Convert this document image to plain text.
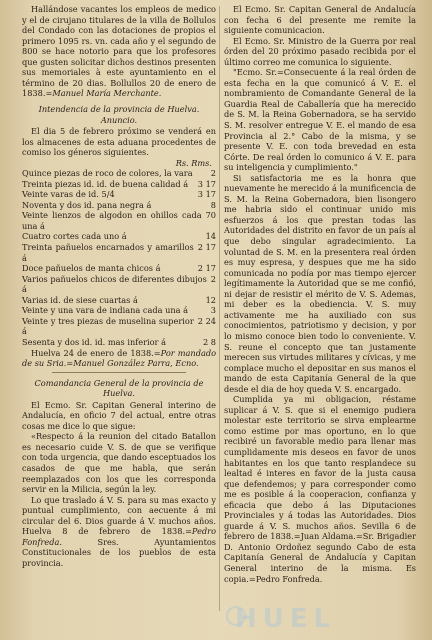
Hallándose vacantes los empleos de medico y el de cirujano titulares de la villa de Bollulos del Condado con las dotaciones de propios el primero 1095 rs. vn. cada año y el segundo de 800 se hace notorio para que los profesores que gusten solicitar dichos destinos presenten sus memoriales à este ayuntamiento en el término de 20 dias. Bollullos 20 de enero de 1838.=Manuel María Merchante.

Intendencia de la provincia de Huelva.
Anuncio.

El dia 5 de febrero próximo se venderá en los almacenes de esta aduana procedentes de comiso los géneros siguientes.

Rs. Rms.
Quince piezas de roco de colores, la vara	2
Treinta piezas id. id. de buena calidad á	3 17
Veinte varas de id. 5/4	3 17
Noventa y dos id. pana negra á	8
Veinte lienzos de algodon en ohillos cada una á
70
Cuatro cortes cada uno á	14
Treinta pañuelos encarnados y amarillos á
2 17
Doce pañuelos de manta chicos á	2 17
Varios pañuelos chicos de diferentes dibujos á
2
Varias id. de siese cuartas á	12
Veinte y una vara de indiana cada una á	3
Veinte y tres piezas de muselina superior á
2 24
Sesenta y dos id. id. mas inferior á	2 8

Huelva 24 de enero de 1838.=Por mandado de su Sria.=Manuel González Parra, Ecno.

Comandancia General de la provincia de Huelva.

El Ecmo. Sr. Capitan General interino de Andalucía, en oficio 7 del actual, entre otras cosas me dice lo que sigue:

«Respecto á la reunion del citado Batallon es necesario cuide V. S. de que se verifique con toda urgencia, que dando esceptuados los casados de que me habla, que serán reemplazados con los que les corresponda servir en la Milicia, según la ley.

Lo que traslado á V. S. para su mas exacto y puntual cumplimiento, con aecuente á mi circular del 6. Dios guarde á V. muchos años. Huelva 8 de febrero de 1838.=Pedro Fonfreda.	Sres. Ayuntamientos Constitucionales de los pueblos de esta provincia.

El Ecmo. Sr. Capitan General de Andalucía con fecha 6 del presente me remite la siguiente comunicacion.

El Ecmo. Sr. Ministro de la Guerra por real órden del 20 próximo pasado recibida por el último correo me comunica lo siguiente.

"Ecmo. Sr.=Consecuente á la real órden de esta fecha en la que comunicó á V. E. el nombramiento de Comandante General de la Guardia Real de Caballería que ha merecido de S. M. la Reina Gobernadora, se ha servido S. M. resolver entregue V. E. el mando de esa Provincia al 2.° Cabo de la misma, y se presente V. E. con toda brevedad en esta Córte. De real órden lo comunico á V. E. para su inteligencia y cumplimiento."

Si satisfactoria me es la honra que nuevamente he merecido á la munificencia de S. M. la Reina Gobernadora, bien lisongero me habria sido el continuar unido mis esfuerzos á los que prestan todas las Autoridades del distrito en favor de un país al que debo singular agradecimiento. La voluntad de S. M. en la presentera real órden es muy espresa, y despues que me ha sido comunicada no podía por mas tiempo ejercer legítimamente la Autoridad que se me confió, ni dejar de resistir el mérito de V. S. Ademas, mi deber es la obediencia. V. S. muy activamente me ha auxiliado con sus conocimientos, patriotismo y decision, y por lo mismo conoce bien todo lo conveniente. V. S. reune el concepto que tan justamente merecen sus virtudes militares y cívicas, y me complace mucho el depositar en sus manos el mando de esta Capitanía General de la que desde el dia de hoy queda V. S. encargado.

Cumplida ya mi obligacion, réstame suplicar á V. S. que si el enemigo pudiera molestar este territorio se sirva emplearme como estime por mas oportuno, en lo que recibiré un favorable medio para llenar mas cumplidamente mis deseos en favor de unos habitantes en los que tanto resplandece su lealtad é interes en favor de la justa causa que defendemos; y para corresponder como me es posible á la cooperacion, confianza y eficacia que debo á las Diputaciones Provinciales y á todas las Autoridades. Dios guarde á V. S. muchos años. Sevilla 6 de febrero de 1838.=Juan Aldama.=Sr. Brigadier D. Antonio Ordoñez segundo Cabo de esta Capitanía General de Andalucía y Capitan General interino de la misma. Es copia.=Pedro Fonfreda.

HUEL
